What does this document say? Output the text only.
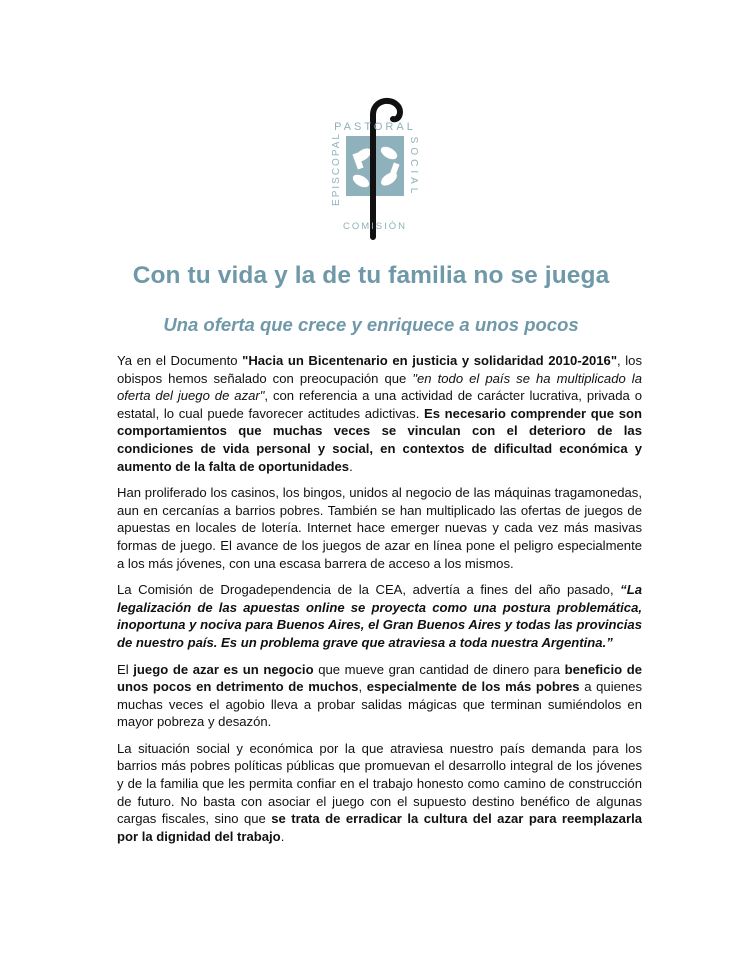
PASTORAL
COMISIÓN
EPISCOPAL	SOCIAL
Con tu vida y la de tu familia no se juega
Una oferta que crece y enriquece a unos pocos

Ya en el Documento "Hacia un Bicentenario en justicia y solidaridad 2010-2016", los obispos hemos señalado con preocupación que "en todo el país se ha multiplicado la oferta del juego de azar", con referencia a una actividad de carácter lucrativa, privada o estatal, lo cual puede favorecer actitudes adictivas. Es necesario comprender que son comportamientos que muchas veces se vinculan con el deterioro de las condiciones de vida personal y social, en contextos de dificultad económica y aumento de la falta de oportunidades.

Han proliferado los casinos, los bingos, unidos al negocio de las máquinas tragamonedas, aun en cercanías a barrios pobres. También se han multiplicado las ofertas de juegos de apuestas en locales de lotería. Internet hace emerger nuevas y cada vez más masivas formas de juego. El avance de los juegos de azar en línea pone el peligro especialmente a los más jóvenes, con una escasa barrera de acceso a los mismos.

La Comisión de Drogadependencia de la CEA, advertía a fines del año pasado, “La legalización de las apuestas online se proyecta como una postura problemática, inoportuna y nociva para Buenos Aires, el Gran Buenos Aires y todas las provincias de nuestro país. Es un problema grave que atraviesa a toda nuestra Argentina.”

El juego de azar es un negocio que mueve gran cantidad de dinero para beneficio de unos pocos en detrimento de muchos, especialmente de los más pobres a quienes muchas veces el agobio lleva a probar salidas mágicas que terminan sumiéndolos en mayor pobreza y desazón.

La situación social y económica por la que atraviesa nuestro país demanda para los barrios más pobres políticas públicas que promuevan el desarrollo integral de los jóvenes y de la familia que les permita confiar en el trabajo honesto como camino de construcción de futuro. No basta con asociar el juego con el supuesto destino benéfico de algunas cargas fiscales, sino que se trata de erradicar la cultura del azar para reemplazarla por la dignidad del trabajo.
